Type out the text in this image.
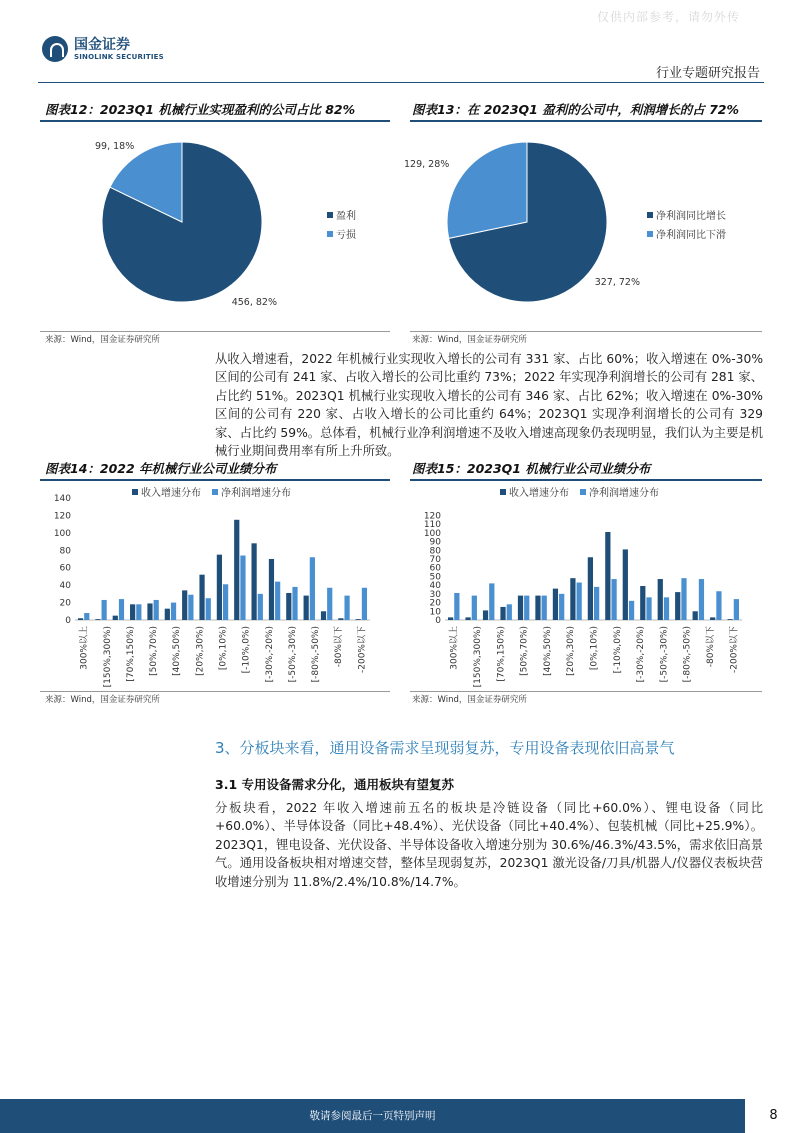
仅供内部参考，请勿外传
国金证券
SINOLINK SECURITIES
行业专题研究报告
图表12：2023Q1 机械行业实现盈利的公司占比 82%
456, 82%
99, 18%
盈利
亏损
来源：Wind，国金证券研究所
图表13：在 2023Q1 盈利的公司中，利润增长的占 72%
327, 72%
129, 28%
净利润同比增长
净利润同比下滑
来源：Wind，国金证券研究所

从收入增速看，2022 年机械行业实现收入增长的公司有 331 家、占比 60%；收入增速在 0%-30%区间的公司有 241 家、占收入增长的公司比重约 73%；2022 年实现净利润增长的公司有 281 家、占比约 51%。2023Q1 机械行业实现收入增长的公司有 346 家、占比 62%；收入增速在 0%-30%区间的公司有 220 家、占收入增长的公司比重约 64%；2023Q1 实现净利润增长的公司有 329 家、占比约 59%。总体看，机械行业净利润增速不及收入增速高现象仍表现明显，我们认为主要是机械行业期间费用率有所上升所致。

图表14：2022 年机械行业公司业绩分布
0
20
40
60
80
100
120
140
300%以上 [150%,300%) [70%,150%) [50%,70%) [40%,50%) [20%,30%) [0%,10%) [-10%,0%) [-30%,-20%) [-50%,-30%) [-80%,-50%) -80%以下 -200%以下
收入增速分布 净利润增速分布
来源：Wind，国金证券研究所
图表15：2023Q1 机械行业公司业绩分布
0
10
20
30
40
50
60
70
80
90
100
110
120
300%以上 [150%,300%) [70%,150%) [50%,70%) [40%,50%) [20%,30%) [0%,10%) [-10%,0%) [-30%,-20%) [-50%,-30%) [-80%,-50%) -80%以下 -200%以下
收入增速分布 净利润增速分布
来源：Wind，国金证券研究所
3、分板块来看，通用设备需求呈现弱复苏，专用设备表现依旧高景气
3.1 专用设备需求分化，通用板块有望复苏

分板块看，2022 年收入增速前五名的板块是冷链设备（同比+60.0%）、锂电设备（同比+60.0%）、半导体设备（同比+48.4%）、光伏设备（同比+40.4%）、包装机械（同比+25.9%）。2023Q1，锂电设备、光伏设备、半导体设备收入增速分别为 30.6%/46.3%/43.5%，需求依旧高景气。通用设备板块相对增速交替，整体呈现弱复苏，2023Q1 激光设备/刀具/机器人/仪器仪表板块营收增速分别为 11.8%/2.4%/10.8%/14.7%。

敬请参阅最后一页特别声明	8
